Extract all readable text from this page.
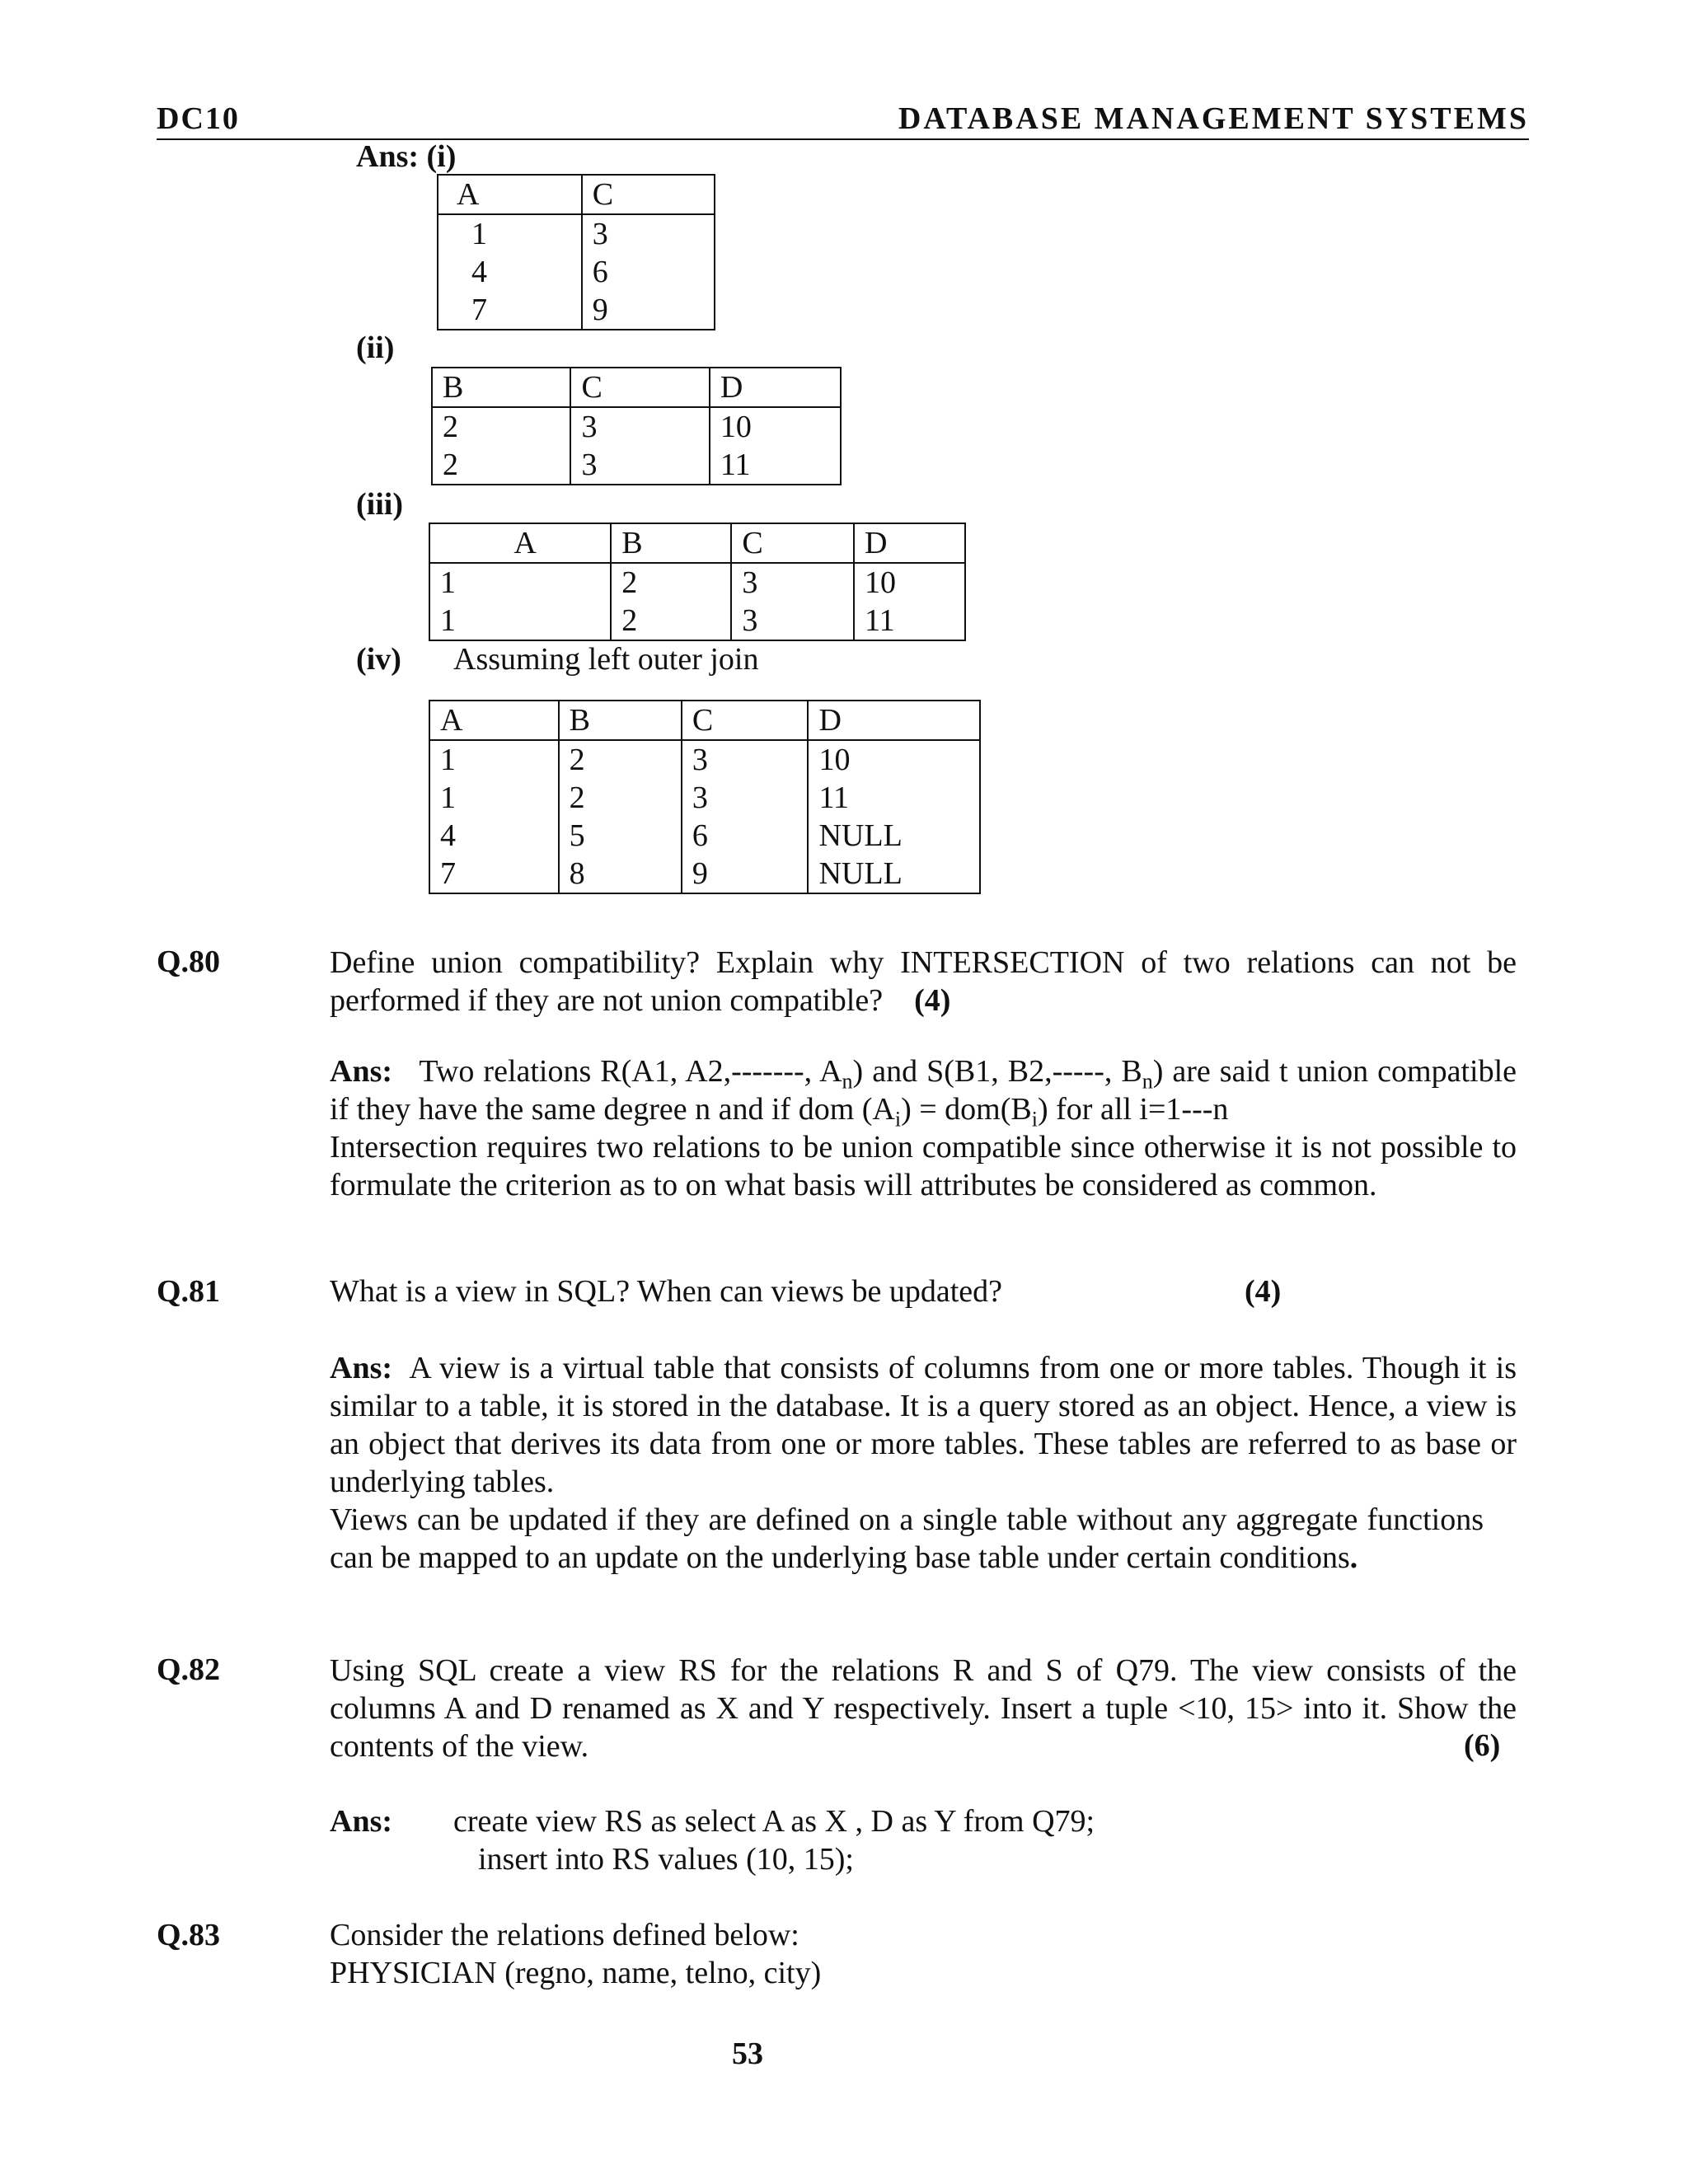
DC10	DATABASE MANAGEMENT SYSTEMS
Ans: (i)
A	C
1	3
4	6
7	9
(ii)
B	C	D
2	3	10
2	3	11
(iii)
A	B	C	D
1	2	3	10
1	2	3	11
(iv) Assuming left outer join
A	B	C	D
1	2	3	10
1	2	3	11
4	5	6	NULL
7	8	9	NULL
Q.80	Define union compatibility? Explain why INTERSECTION of two relations can not be performed if they are not union compatible? (4)
Ans: Two relations R(A1, A2,-------, $A_n$) and S(B1, B2,-----, $B_n$) are said t union compatible if they have the same degree n and if dom $(A_i) = dom(B_i)$ for all i=1---n
Intersection requires two relations to be union compatible since otherwise it is not possible to formulate the criterion as to on what basis will attributes be considered as common.
Q.81	What is a view in SQL? When can views be updated?	(4)
Ans: A view is a virtual table that consists of columns from one or more tables. Though it is similar to a table, it is stored in the database. It is a query stored as an object. Hence, a view is an object that derives its data from one or more tables. These tables are referred to as base or underlying tables.
Views can be updated if they are defined on a single table without any aggregate functions can be mapped to an update on the underlying base table under certain conditions.
Q.82	Using SQL create a view RS for the relations R and S of Q79. The view consists of the columns A and D renamed as X and Y respectively. Insert a tuple <10, 15> into it. Show the contents of the view.	(6)
Ans: create view RS as select A as X , D as Y from Q79;
insert into RS values (10, 15);
Q.83	Consider the relations defined below:
PHYSICIAN (regno, name, telno, city)
53
